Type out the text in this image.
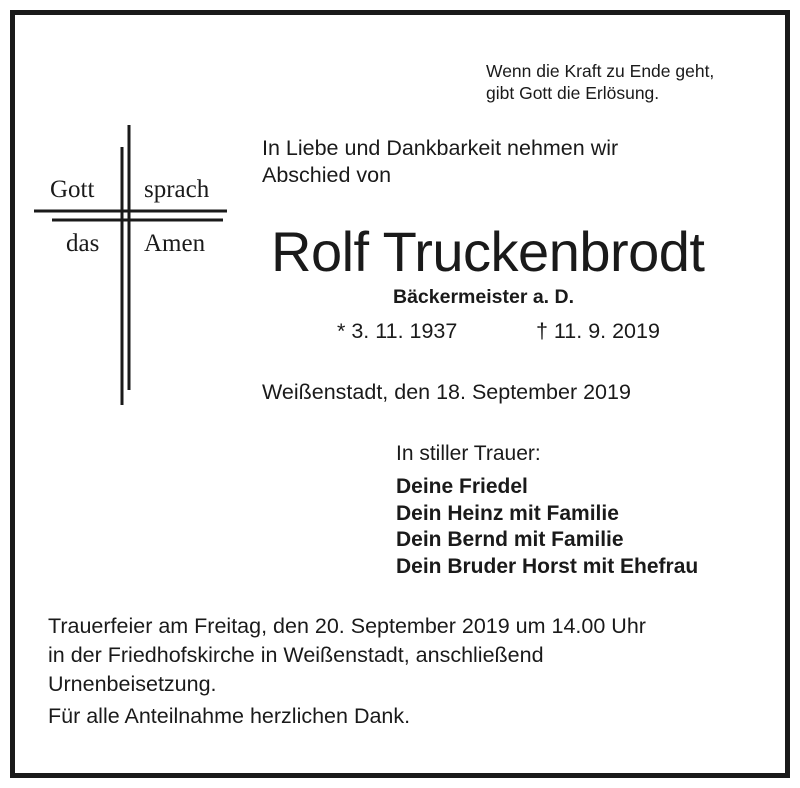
Wenn die Kraft zu Ende geht,
gibt Gott die Erlösung.
Gott sprach
das Amen
In Liebe und Dankbarkeit nehmen wir
Abschied von
Rolf Truckenbrodt
Bäckermeister a. D.
* 3. 11. 1937	† 11. 9. 2019
Weißenstadt, den 18. September 2019
In stiller Trauer:
Deine Friedel
Dein Heinz mit Familie
Dein Bernd mit Familie
Dein Bruder Horst mit Ehefrau
Trauerfeier am Freitag, den 20. September 2019 um 14.00 Uhr
in der Friedhofskirche in Weißenstadt, anschließend
Urnenbeisetzung.
Für alle Anteilnahme herzlichen Dank.
